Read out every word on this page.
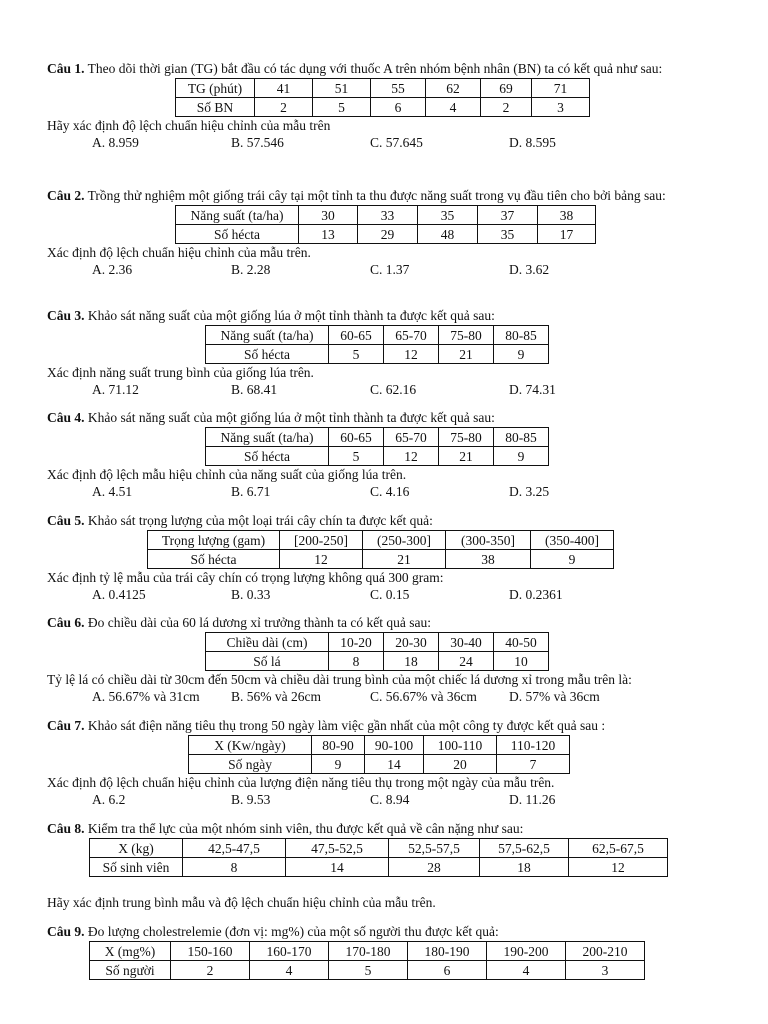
Câu 1. Theo dõi thời gian (TG) bắt đầu có tác dụng với thuốc A trên nhóm bệnh nhân (BN) ta có kết quả như sau:

TG (phút)	41	51	55	62	69	71
Số BN	2	5	6	4	2	3

Hãy xác định độ lệch chuẩn hiệu chỉnh của mẫu trên

A. 8.959	B. 57.546	C. 57.645	D. 8.595

Câu 2. Trồng thử nghiệm một giống trái cây tại một tỉnh ta thu được năng suất trong vụ đầu tiên cho bởi bảng sau:

Năng suất (ta/ha)	30	33	35	37	38
Số hécta	13	29	48	35	17

Xác định độ lệch chuẩn hiệu chỉnh của mẫu trên.

A. 2.36	B. 2.28	C. 1.37	D. 3.62

Câu 3. Khảo sát năng suất của một giống lúa ở một tỉnh thành ta được kết quả sau:

Năng suất (ta/ha)	60-65	65-70	75-80	80-85
Số hécta	5	12	21	9

Xác định năng suất trung bình của giống lúa trên.

A. 71.12	B. 68.41	C. 62.16	D. 74.31

Câu 4. Khảo sát năng suất của một giống lúa ở một tỉnh thành ta được kết quả sau:

Năng suất (ta/ha)	60-65	65-70	75-80	80-85
Số hécta	5	12	21	9

Xác định độ lệch mẫu hiệu chỉnh của năng suất của giống lúa trên.

A. 4.51	B. 6.71	C. 4.16	D. 3.25

Câu 5. Khảo sát trọng lượng của một loại trái cây chín ta được kết quả:

Trọng lượng (gam)	[200-250]	(250-300]	(300-350]	(350-400]
Số hécta	12	21	38	9

Xác định tỷ lệ mẫu của trái cây chín có trọng lượng không quá 300 gram:

A. 0.4125	B. 0.33	C. 0.15	D. 0.2361

Câu 6. Đo chiều dài của 60 lá dương xỉ trưởng thành ta có kết quả sau:

Chiều dài (cm)	10-20	20-30	30-40	40-50
Số lá	8	18	24	10

Tỷ lệ lá có chiều dài từ 30cm đến 50cm và chiều dài trung bình của một chiếc lá dương xỉ trong mẫu trên là:

A. 56.67% và 31cm	B. 56% và 26cm	C. 56.67% và 36cm	D. 57% và 36cm

Câu 7. Khảo sát điện năng tiêu thụ trong 50 ngày làm việc gần nhất của một công ty được kết quả sau :

X (Kw/ngày)	80-90	90-100	100-110	110-120
Số ngày	9	14	20	7

Xác định độ lệch chuẩn hiệu chỉnh của lượng điện năng tiêu thụ trong một ngày của mẫu trên.

A. 6.2	B. 9.53	C. 8.94	D. 11.26

Câu 8. Kiểm tra thể lực của một nhóm sinh viên, thu được kết quả về cân nặng như sau:

X (kg)	42,5-47,5	47,5-52,5	52,5-57,5	57,5-62,5	62,5-67,5
Số sinh viên	8	14	28	18	12

Hãy xác định trung bình mẫu và độ lệch chuẩn hiệu chỉnh của mẫu trên.

Câu 9. Đo lượng cholestrelemie (đơn vị: mg%) của một số người thu được kết quả:

X (mg%)	150-160	160-170	170-180	180-190	190-200	200-210
Số người	2	4	5	6	4	3
